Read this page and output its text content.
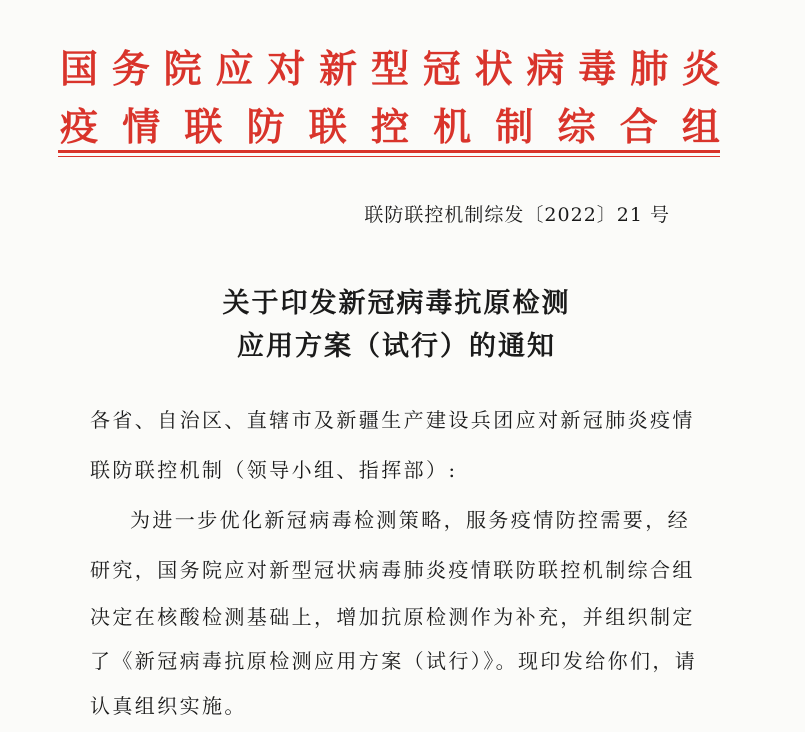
国 务 院 应 对 新 型 冠 状 病 毒 肺 炎
疫 情 联 防 联 控 机 制 综 合 组
联防联控机制综发〔2022〕21 号
关于印发新冠病毒抗原检测
应用方案（试行）的通知
各省、自治区、直辖市及新疆生产建设兵团应对新冠肺炎疫情
联防联控机制（领导小组、指挥部）:
为进一步优化新冠病毒检测策略，服务疫情防控需要，经
研究，国务院应对新型冠状病毒肺炎疫情联防联控机制综合组
决定在核酸检测基础上，增加抗原检测作为补充，并组织制定
了《新冠病毒抗原检测应用方案（试行）》。现印发给你们，请
认真组织实施。
